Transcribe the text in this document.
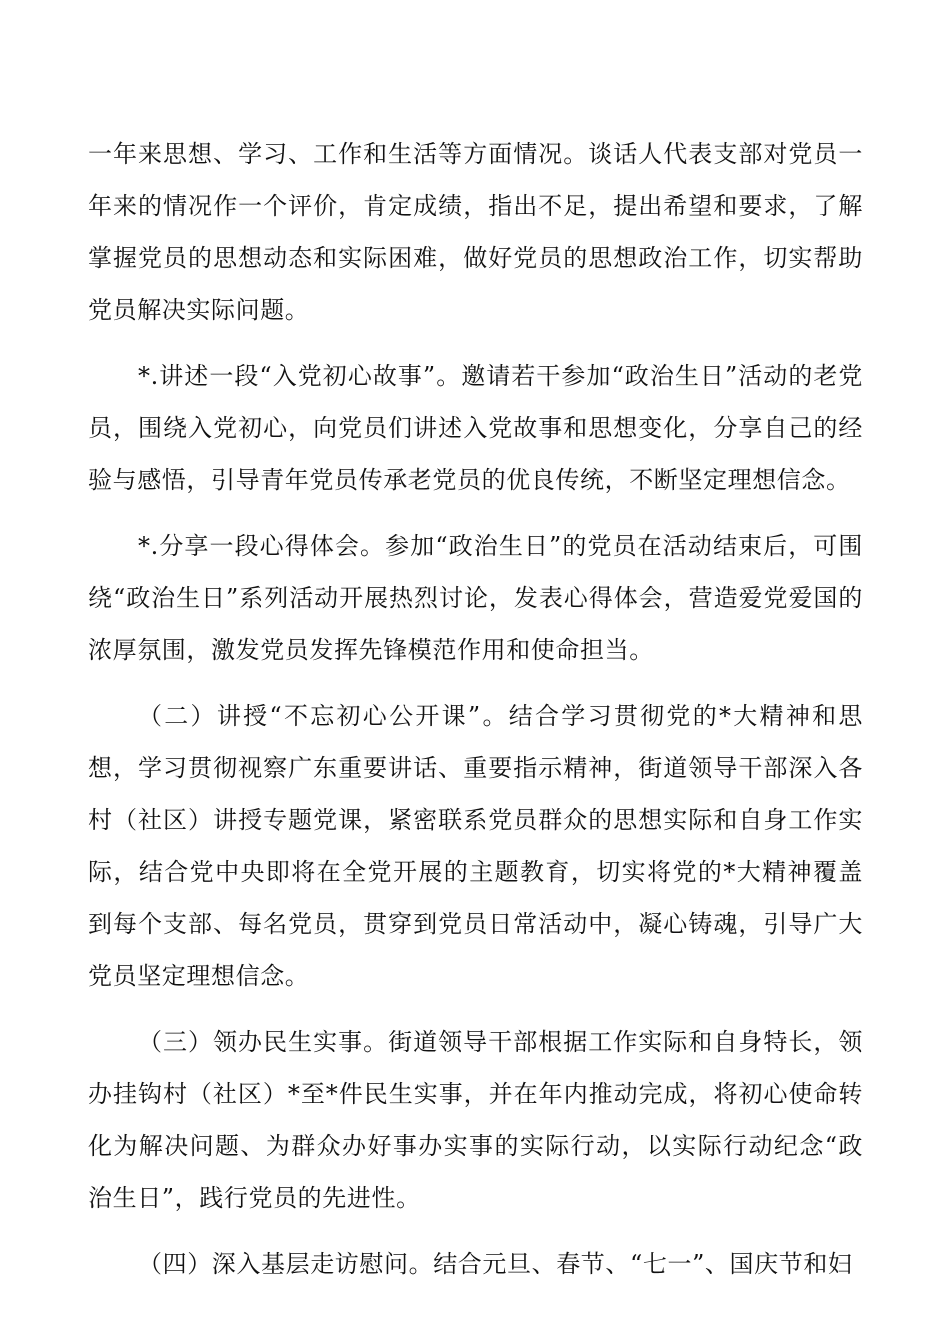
一年来思想、学习、工作和生活等方面情况。谈话人代表支部对党员一年来的情况作一个评价，肯定成绩，指出不足，提出希望和要求，了解掌握党员的思想动态和实际困难，做好党员的思想政治工作，切实帮助党员解决实际问题。

*.讲述一段“入党初心故事”。邀请若干参加“政治生日”活动的老党员，围绕入党初心，向党员们讲述入党故事和思想变化，分享自己的经验与感悟，引导青年党员传承老党员的优良传统，不断坚定理想信念。

*.分享一段心得体会。参加“政治生日”的党员在活动结束后，可围绕“政治生日”系列活动开展热烈讨论，发表心得体会，营造爱党爱国的浓厚氛围，激发党员发挥先锋模范作用和使命担当。

（二）讲授“不忘初心公开课”。结合学习贯彻党的*大精神和思想，学习贯彻视察广东重要讲话、重要指示精神，街道领导干部深入各村（社区）讲授专题党课，紧密联系党员群众的思想实际和自身工作实际，结合党中央即将在全党开展的主题教育，切实将党的*大精神覆盖到每个支部、每名党员，贯穿到党员日常活动中，凝心铸魂，引导广大党员坚定理想信念。

（三）领办民生实事。街道领导干部根据工作实际和自身特长，领办挂钩村（社区）*至*件民生实事，并在年内推动完成，将初心使命转化为解决问题、为群众办好事办实事的实际行动，以实际行动纪念“政治生日”，践行党员的先进性。

（四）深入基层走访慰问。结合元旦、春节、“七一”、国庆节和妇
